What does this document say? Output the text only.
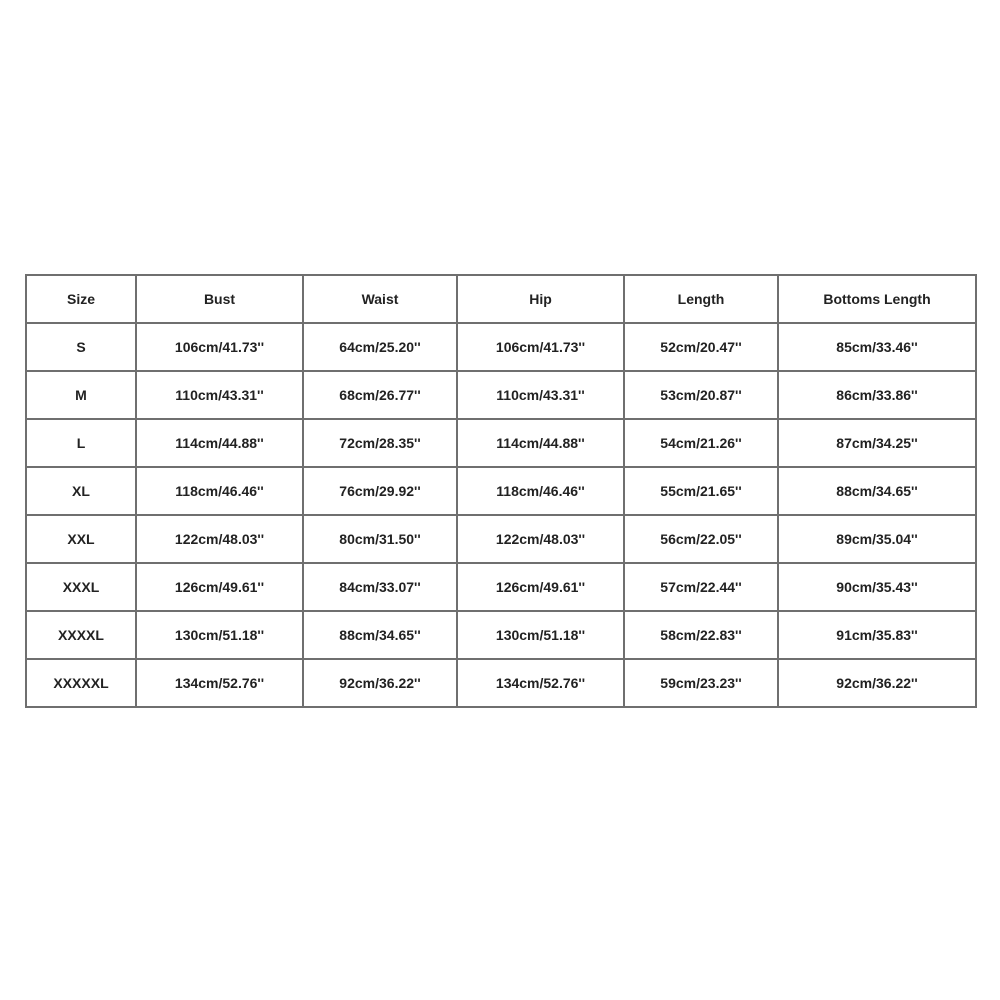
Size	Bust	Waist	Hip	Length	Bottoms Length
S	106cm/41.73''	64cm/25.20''	106cm/41.73''	52cm/20.47''	85cm/33.46''
M	110cm/43.31''	68cm/26.77''	110cm/43.31''	53cm/20.87''	86cm/33.86''
L	114cm/44.88''	72cm/28.35''	114cm/44.88''	54cm/21.26''	87cm/34.25''
XL	118cm/46.46''	76cm/29.92''	118cm/46.46''	55cm/21.65''	88cm/34.65''
XXL	122cm/48.03''	80cm/31.50''	122cm/48.03''	56cm/22.05''	89cm/35.04''
XXXL	126cm/49.61''	84cm/33.07''	126cm/49.61''	57cm/22.44''	90cm/35.43''
XXXXL	130cm/51.18''	88cm/34.65''	130cm/51.18''	58cm/22.83''	91cm/35.83''
XXXXXL	134cm/52.76''	92cm/36.22''	134cm/52.76''	59cm/23.23''	92cm/36.22''
